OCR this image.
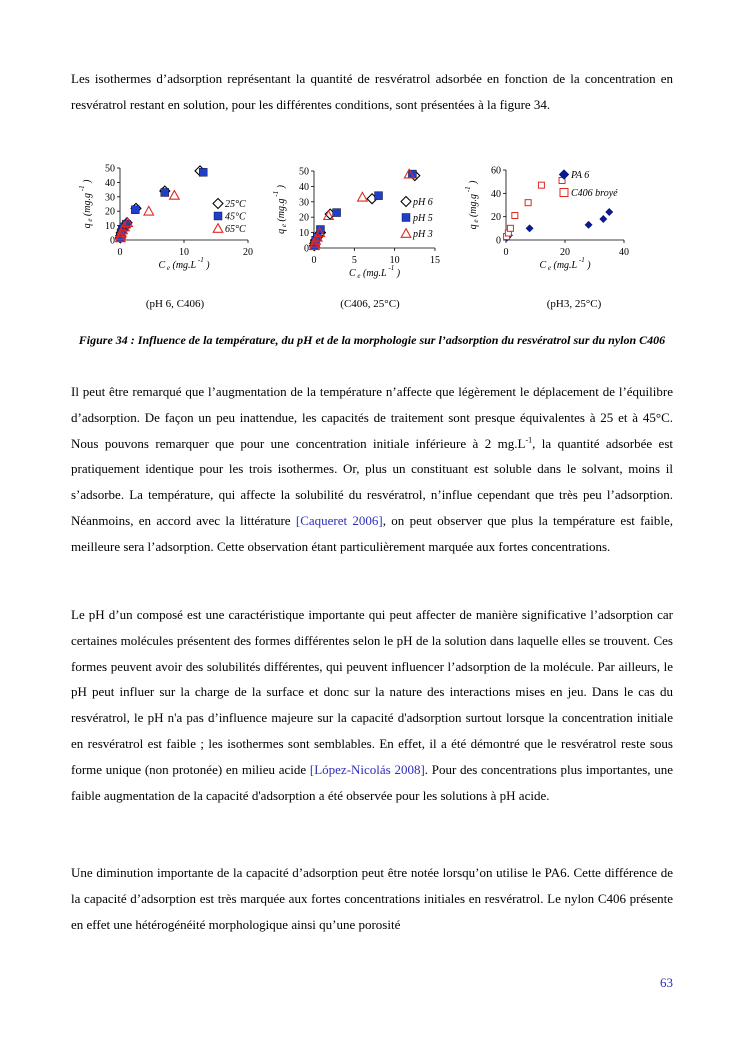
Les isothermes d’adsorption représentant la quantité de resvératrol adsorbée en fonction de la concentration en resvératrol restant en solution, pour les différentes conditions, sont présentées à la figure 34.

0
10
20
30
40
50
0	10	20
C $_e$ (mg.L $^{-1}$ )
q $_e$ (mg.g $^{-1}$ )
25°C
45°C
65°C
0
10
20
30
40
50
0	5	10	15
C $_e$ (mg.L $^{-1}$ )
q $_e$ (mg.g $^{-1}$ )
pH 6
pH 5
pH 3
0
20
40
60
0	20	40
C $_e$ (mg.L $^{-1}$ )
q $_e$ (mg.g $^{-1}$ )
PA 6
C406 broyé
(pH 6, C406)	(C406, 25°C)	(pH3, 25°C)

Figure 34 : Influence de la température, du pH et de la morphologie sur l’adsorption du resvératrol sur du nylon C406

Il peut être remarqué que l’augmentation de la température n’affecte que légèrement le déplacement de l’équilibre d’adsorption. De façon un peu inattendue, les capacités de traitement sont presque équivalentes à 25 et à 45°C. Nous pouvons remarquer que pour une concentration initiale inférieure à 2 $mg.L^{-1}$, la quantité adsorbée est pratiquement identique pour les trois isothermes. Or, plus un constituant est soluble dans le solvant, moins il s’adsorbe. La température, qui affecte la solubilité du resvératrol, n’influe cependant que très peu l’adsorption. Néanmoins, en accord avec la littérature [Caqueret 2006], on peut observer que plus la température est faible, meilleure sera l’adsorption. Cette observation étant particulièrement marquée aux fortes concentrations.

Le pH d’un composé est une caractéristique importante qui peut affecter de manière significative l’adsorption car certaines molécules présentent des formes différentes selon le pH de la solution dans laquelle elles se trouvent. Ces formes peuvent avoir des solubilités différentes, qui peuvent influencer l’adsorption de la molécule. Par ailleurs, le pH peut influer sur la charge de la surface et donc sur la nature des interactions mises en jeu. Dans le cas du resvératrol, le pH n'a pas d’influence majeure sur la capacité d'adsorption surtout lorsque la concentration initiale en resvératrol est faible ; les isothermes sont semblables. En effet, il a été démontré que le resvératrol reste sous forme unique (non protonée) en milieu acide [López-Nicolás 2008]. Pour des concentrations plus importantes, une faible augmentation de la capacité d'adsorption a été observée pour les solutions à pH acide.

Une diminution importante de la capacité d’adsorption peut être notée lorsqu’on utilise le PA6. Cette différence de la capacité d’adsorption est très marquée aux fortes concentrations initiales en resvératrol. Le nylon C406 présente en effet une hétérogénéité morphologique ainsi qu’une porosité

63
